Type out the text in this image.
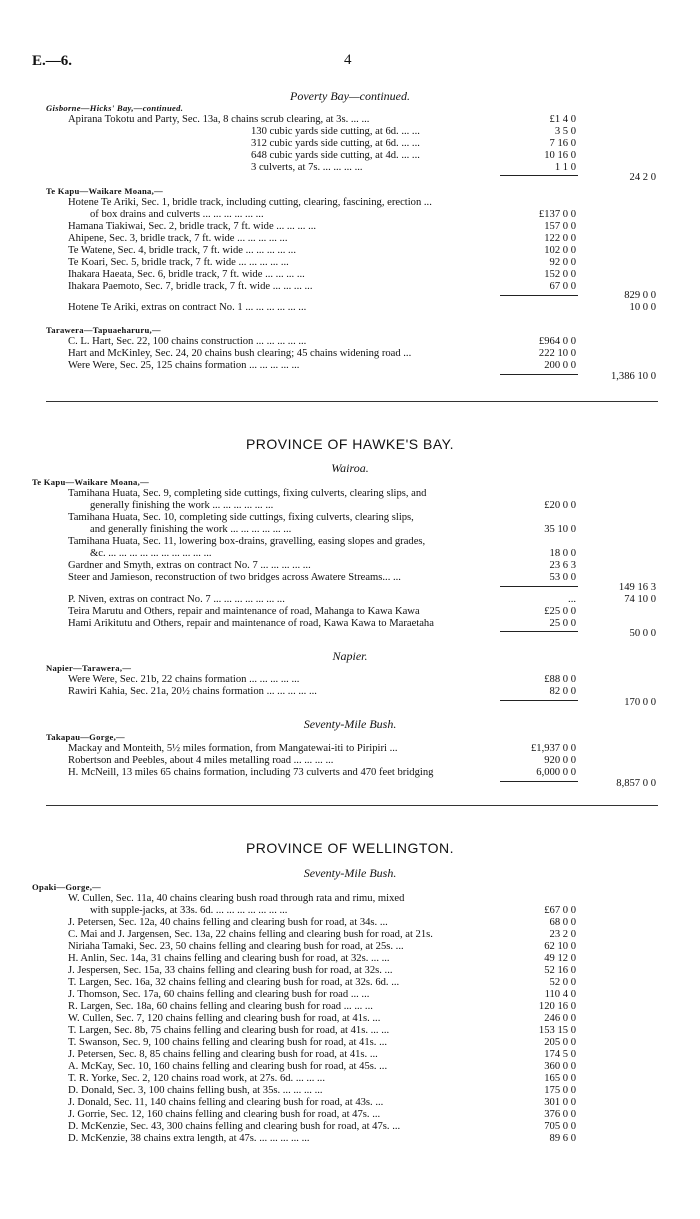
E.—6.	4
Poverty Bay—continued.
Gisborne—Hicks' Bay,—continued.
Apirana Tokotu and Party, Sec. 13a, 8 chains scrub clearing, at 3s. ... ...	£1 4 0
130 cubic yards side cutting, at 6d. ... ...	3 5 0
312 cubic yards side cutting, at 6d. ... ...	7 16 0
648 cubic yards side cutting, at 4d. ... ...	10 16 0
3 culverts, at 7s. ... ... ... ...	1 1 0
24 2 0
Te Kapu—Waikare Moana,—
Hotene Te Ariki, Sec. 1, bridle track, including cutting, clearing, fascining, erection ...
of box drains and culverts ... ... ... ... ... ...	£137 0 0
Hamana Tiakiwai, Sec. 2, bridle track, 7 ft. wide ... ... ... ...	157 0 0
Ahipene, Sec. 3, bridle track, 7 ft. wide ... ... ... ... ...	122 0 0
Te Watene, Sec. 4, bridle track, 7 ft. wide ... ... ... ... ...	102 0 0
Te Koari, Sec. 5, bridle track, 7 ft. wide ... ... ... ... ...	92 0 0
Ihakara Haeata, Sec. 6, bridle track, 7 ft. wide ... ... ... ...	152 0 0
Ihakara Paemoto, Sec. 7, bridle track, 7 ft. wide ... ... ... ...	67 0 0
829 0 0
Hotene Te Ariki, extras on contract No. 1 ... ... ... ... ... ...	10 0 0
Tarawera—Tapuaeharuru,—
C. L. Hart, Sec. 22, 100 chains construction ... ... ... ... ...	£964 0 0
Hart and McKinley, Sec. 24, 20 chains bush clearing; 45 chains widening road ...	222 10 0
Were Were, Sec. 25, 125 chains formation ... ... ... ... ...	200 0 0
1,386 10 0
PROVINCE OF HAWKE'S BAY.
Wairoa.
Te Kapu—Waikare Moana,—
Tamihana Huata, Sec. 9, completing side cuttings, fixing culverts, clearing slips, and
generally finishing the work ... ... ... ... ... ...	£20 0 0
Tamihana Huata, Sec. 10, completing side cuttings, fixing culverts, clearing slips,
and generally finishing the work ... ... ... ... ... ...	35 10 0
Tamihana Huata, Sec. 11, lowering box-drains, gravelling, easing slopes and grades,
&c. ... ... ... ... ... ... ... ... ... ...	18 0 0
Gardner and Smyth, extras on contract No. 7 ... ... ... ... ...	23 6 3
Steer and Jamieson, reconstruction of two bridges across Awatere Streams... ...	53 0 0
149 16 3
P. Niven, extras on contract No. 7 ... ... ... ... ... ... ...	...	74 10 0
Teira Marutu and Others, repair and maintenance of road, Mahanga to Kawa Kawa	£25 0 0
Hami Arikitutu and Others, repair and maintenance of road, Kawa Kawa to Maraetaha	25 0 0
50 0 0
Napier.
Napier—Tarawera,—
Were Were, Sec. 21b, 22 chains formation ... ... ... ... ...	£88 0 0
Rawiri Kahia, Sec. 21a, 20½ chains formation ... ... ... ... ...	82 0 0
170 0 0
Seventy-Mile Bush.
Takapau—Gorge,—
Mackay and Monteith, 5½ miles formation, from Mangatewai-iti to Piripiri ...	£1,937 0 0
Robertson and Peebles, about 4 miles metalling road ... ... ... ...	920 0 0
H. McNeill, 13 miles 65 chains formation, including 73 culverts and 470 feet bridging	6,000 0 0
8,857 0 0
PROVINCE OF WELLINGTON.
Seventy-Mile Bush.
Opaki—Gorge,—
W. Cullen, Sec. 11a, 40 chains clearing bush road through rata and rimu, mixed
with supple-jacks, at 33s. 6d. ... ... ... ... ... ... ...	£67 0 0
J. Petersen, Sec. 12a, 40 chains felling and clearing bush for road, at 34s. ...	68 0 0
C. Mai and J. Jargensen, Sec. 13a, 22 chains felling and clearing bush for road, at 21s.	23 2 0
Niriaha Tamaki, Sec. 23, 50 chains felling and clearing bush for road, at 25s. ...	62 10 0
H. Anlin, Sec. 14a, 31 chains felling and clearing bush for road, at 32s. ... ...	49 12 0
J. Jespersen, Sec. 15a, 33 chains felling and clearing bush for road, at 32s. ...	52 16 0
T. Largen, Sec. 16a, 32 chains felling and clearing bush for road, at 32s. 6d. ...	52 0 0
J. Thomson, Sec. 17a, 60 chains felling and clearing bush for road ... ...	110 4 0
R. Largen, Sec. 18a, 60 chains felling and clearing bush for road ... ... ...	120 16 0
W. Cullen, Sec. 7, 120 chains felling and clearing bush for road, at 41s. ...	246 0 0
T. Largen, Sec. 8b, 75 chains felling and clearing bush for road, at 41s. ... ...	153 15 0
T. Swanson, Sec. 9, 100 chains felling and clearing bush for road, at 41s. ...	205 0 0
J. Petersen, Sec. 8, 85 chains felling and clearing bush for road, at 41s. ...	174 5 0
A. McKay, Sec. 10, 160 chains felling and clearing bush for road, at 45s. ...	360 0 0
T. R. Yorke, Sec. 2, 120 chains road work, at 27s. 6d. ... ... ...	165 0 0
D. Donald, Sec. 3, 100 chains felling bush, at 35s. ... ... ... ...	175 0 0
J. Donald, Sec. 11, 140 chains felling and clearing bush for road, at 43s. ...	301 0 0
J. Gorrie, Sec. 12, 160 chains felling and clearing bush for road, at 47s. ...	376 0 0
D. McKenzie, Sec. 43, 300 chains felling and clearing bush for road, at 47s. ...	705 0 0
D. McKenzie, 38 chains extra length, at 47s. ... ... ... ... ...	89 6 0
